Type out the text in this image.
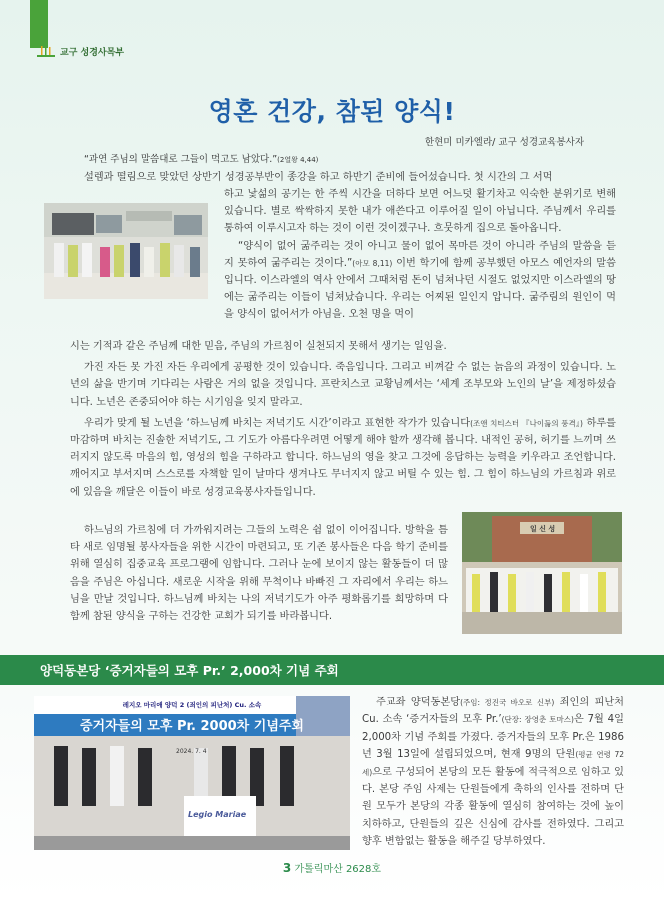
교구 성경사목부
영혼 건강, 참된 양식!
한현미 미카엘라/ 교구 성경교육봉사자
“과연 주님의 말씀대로 그들이 먹고도 남았다.”(2열왕 4,44)

설렘과 떨림으로 맞았던 상반기 성경공부반이 종강을 하고 하반기 준비에 들어섰습니다. 첫 시간의 그 서먹

하고 낯섦의 공기는 한 주씩 시간을 더하다 보면 어느덧 활기차고 익숙한 분위기로 변해있습니다. 별로 싹싹하지 못한 내가 애쓴다고 이루어질 일이 아닙니다. 주님께서 우리를 통하여 이루시고자 하는 것이 이런 것이겠구나. 흐뭇하게 집으로 돌아옵니다.

“양식이 없어 굶주리는 것이 아니고 물이 없어 목마른 것이 아니라 주님의 말씀을 듣지 못하여 굶주리는 것이다.”(아모 8,11) 이번 학기에 함께 공부했던 아모스 예언자의 말씀입니다. 이스라엘의 역사 안에서 그때처럼 돈이 넘쳐나던 시절도 없었지만 이스라엘의 땅에는 굶주리는 이들이 넘쳐났습니다. 우리는 어찌된 일인지 압니다. 굶주림의 원인이 먹을 양식이 없어서가 아님을. 오천 명을 먹이

시는 기적과 같은 주님께 대한 믿음, 주님의 가르침이 실천되지 못해서 생기는 일임을.

가진 자든 못 가진 자든 우리에게 공평한 것이 있습니다. 죽음입니다. 그리고 비껴갈 수 없는 늙음의 과정이 있습니다. 노년의 삶을 반기며 기다리는 사람은 거의 없을 것입니다. 프란치스코 교황님께서는 ‘세계 조부모와 노인의 날’을 제정하셨습니다. 노년은 존중되어야 하는 시기임을 잊지 말라고.

우리가 맞게 될 노년을 ‘하느님께 바치는 저녁기도 시간’이라고 표현한 작가가 있습니다(조앤 치티스터 『나이듦의 풍격』) 하루를 마감하며 바치는 진솔한 저녁기도, 그 기도가 아름다우려면 어떻게 해야 할까 생각해 봅니다. 내적인 공허, 허기를 느끼며 쓰러지지 않도록 마음의 힘, 영성의 힘을 구하라고 합니다. 하느님의 영을 찾고 그것에 응답하는 능력을 키우라고 조언합니다. 깨어지고 부서지며 스스로를 자책할 일이 날마다 생겨나도 무너지지 않고 버틸 수 있는 힘. 그 힘이 하느님의 가르침과 위로에 있음을 깨달은 이들이 바로 성경교육봉사자들입니다.

하느님의 가르침에 더 가까워지려는 그들의 노력은 쉼 없이 이어집니다. 방학을 틈타 새로 임명될 봉사자들을 위한 시간이 마련되고, 또 기존 봉사들은 다음 학기 준비를 위해 열심히 집중교육 프로그램에 임합니다. 그러나 눈에 보이지 않는 활동들이 더 많음을 주님은 아십니다. 새로운 시작을 위해 무척이나 바빠진 그 자리에서 우리는 하느님을 만날 것입니다. 하느님께 바치는 나의 저녁기도가 아주 평화롭기를 희망하며 다 함께 참된 양식을 구하는 건강한 교회가 되기를 바라봅니다.

일 신 성
양덕동본당 ‘증거자들의 모후 Pr.’ 2,000차 기념 주회
레지오 마리애 양덕 2 (죄인의 피난처) Cu. 소속
증거자들의 모후 Pr. 2000차 기념주회
2024. 7. 4
Legio Mariae

주교좌 양덕동본당(주임: 정진국 바오로 신부) 죄인의 피난처 Cu. 소속 ‘증거자들의 모후 Pr.’(단장: 장영춘 토마스)은 7월 4일 2,000차 기념 주회를 가졌다. 증거자들의 모후 Pr.은 1986년 3월 13일에 설립되었으며, 현재 9명의 단원(평균 연령 72세)으로 구성되어 본당의 모든 활동에 적극적으로 임하고 있다. 본당 주임 사제는 단원들에게 축하의 인사를 전하며 단원 모두가 본당의 각종 활동에 열심히 참여하는 것에 높이 치하하고, 단원들의 깊은 신심에 감사를 전하였다. 그리고 향후 변함없는 활동을 해주길 당부하였다.

3 가톨릭마산 2628호
